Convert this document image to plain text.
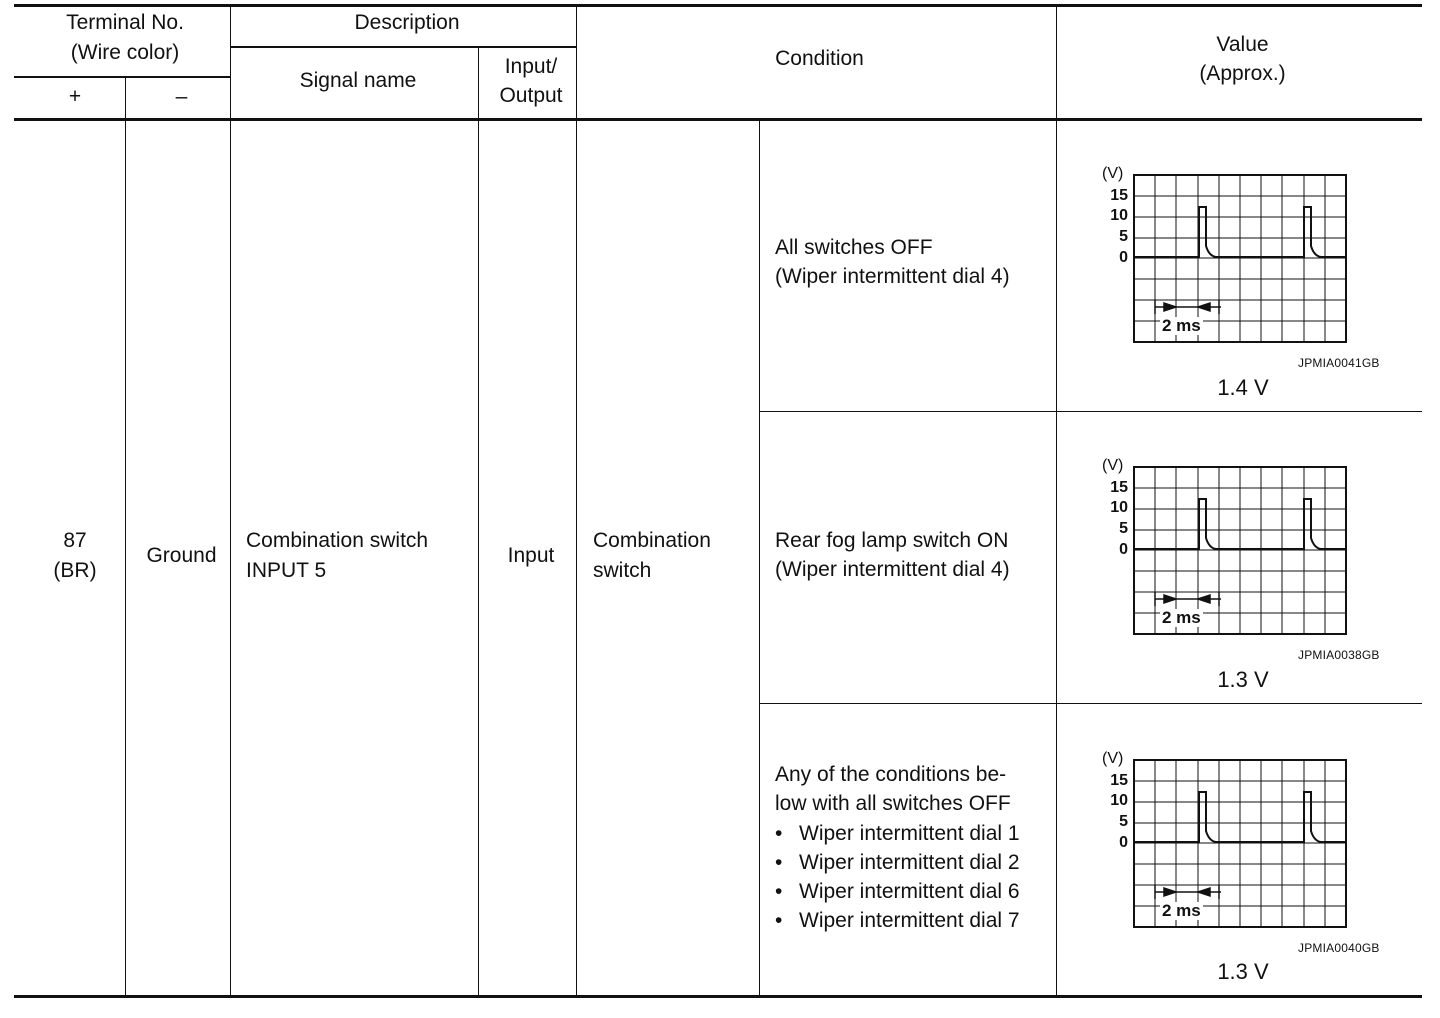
Terminal No.
(Wire color)
+	–
Description
Signal name
Input/
Output
Condition
Value
(Approx.)
87
(BR)
Ground
Combination switch
INPUT 5
Input
Combination
switch
All switches OFF
(Wiper intermittent dial 4)
Rear fog lamp switch ON
(Wiper intermittent dial 4)
Any of the conditions be-
low with all switches OFF
• Wiper intermittent dial 1
• Wiper intermittent dial 2
• Wiper intermittent dial 6
• Wiper intermittent dial 7
(V)
15
10
5
0
2 ms
JPMIA0041GB
1.4 V
(V)
15
10
5
0
2 ms
JPMIA0038GB
1.3 V
(V)
15
10
5
0
2 ms
JPMIA0040GB
1.3 V
